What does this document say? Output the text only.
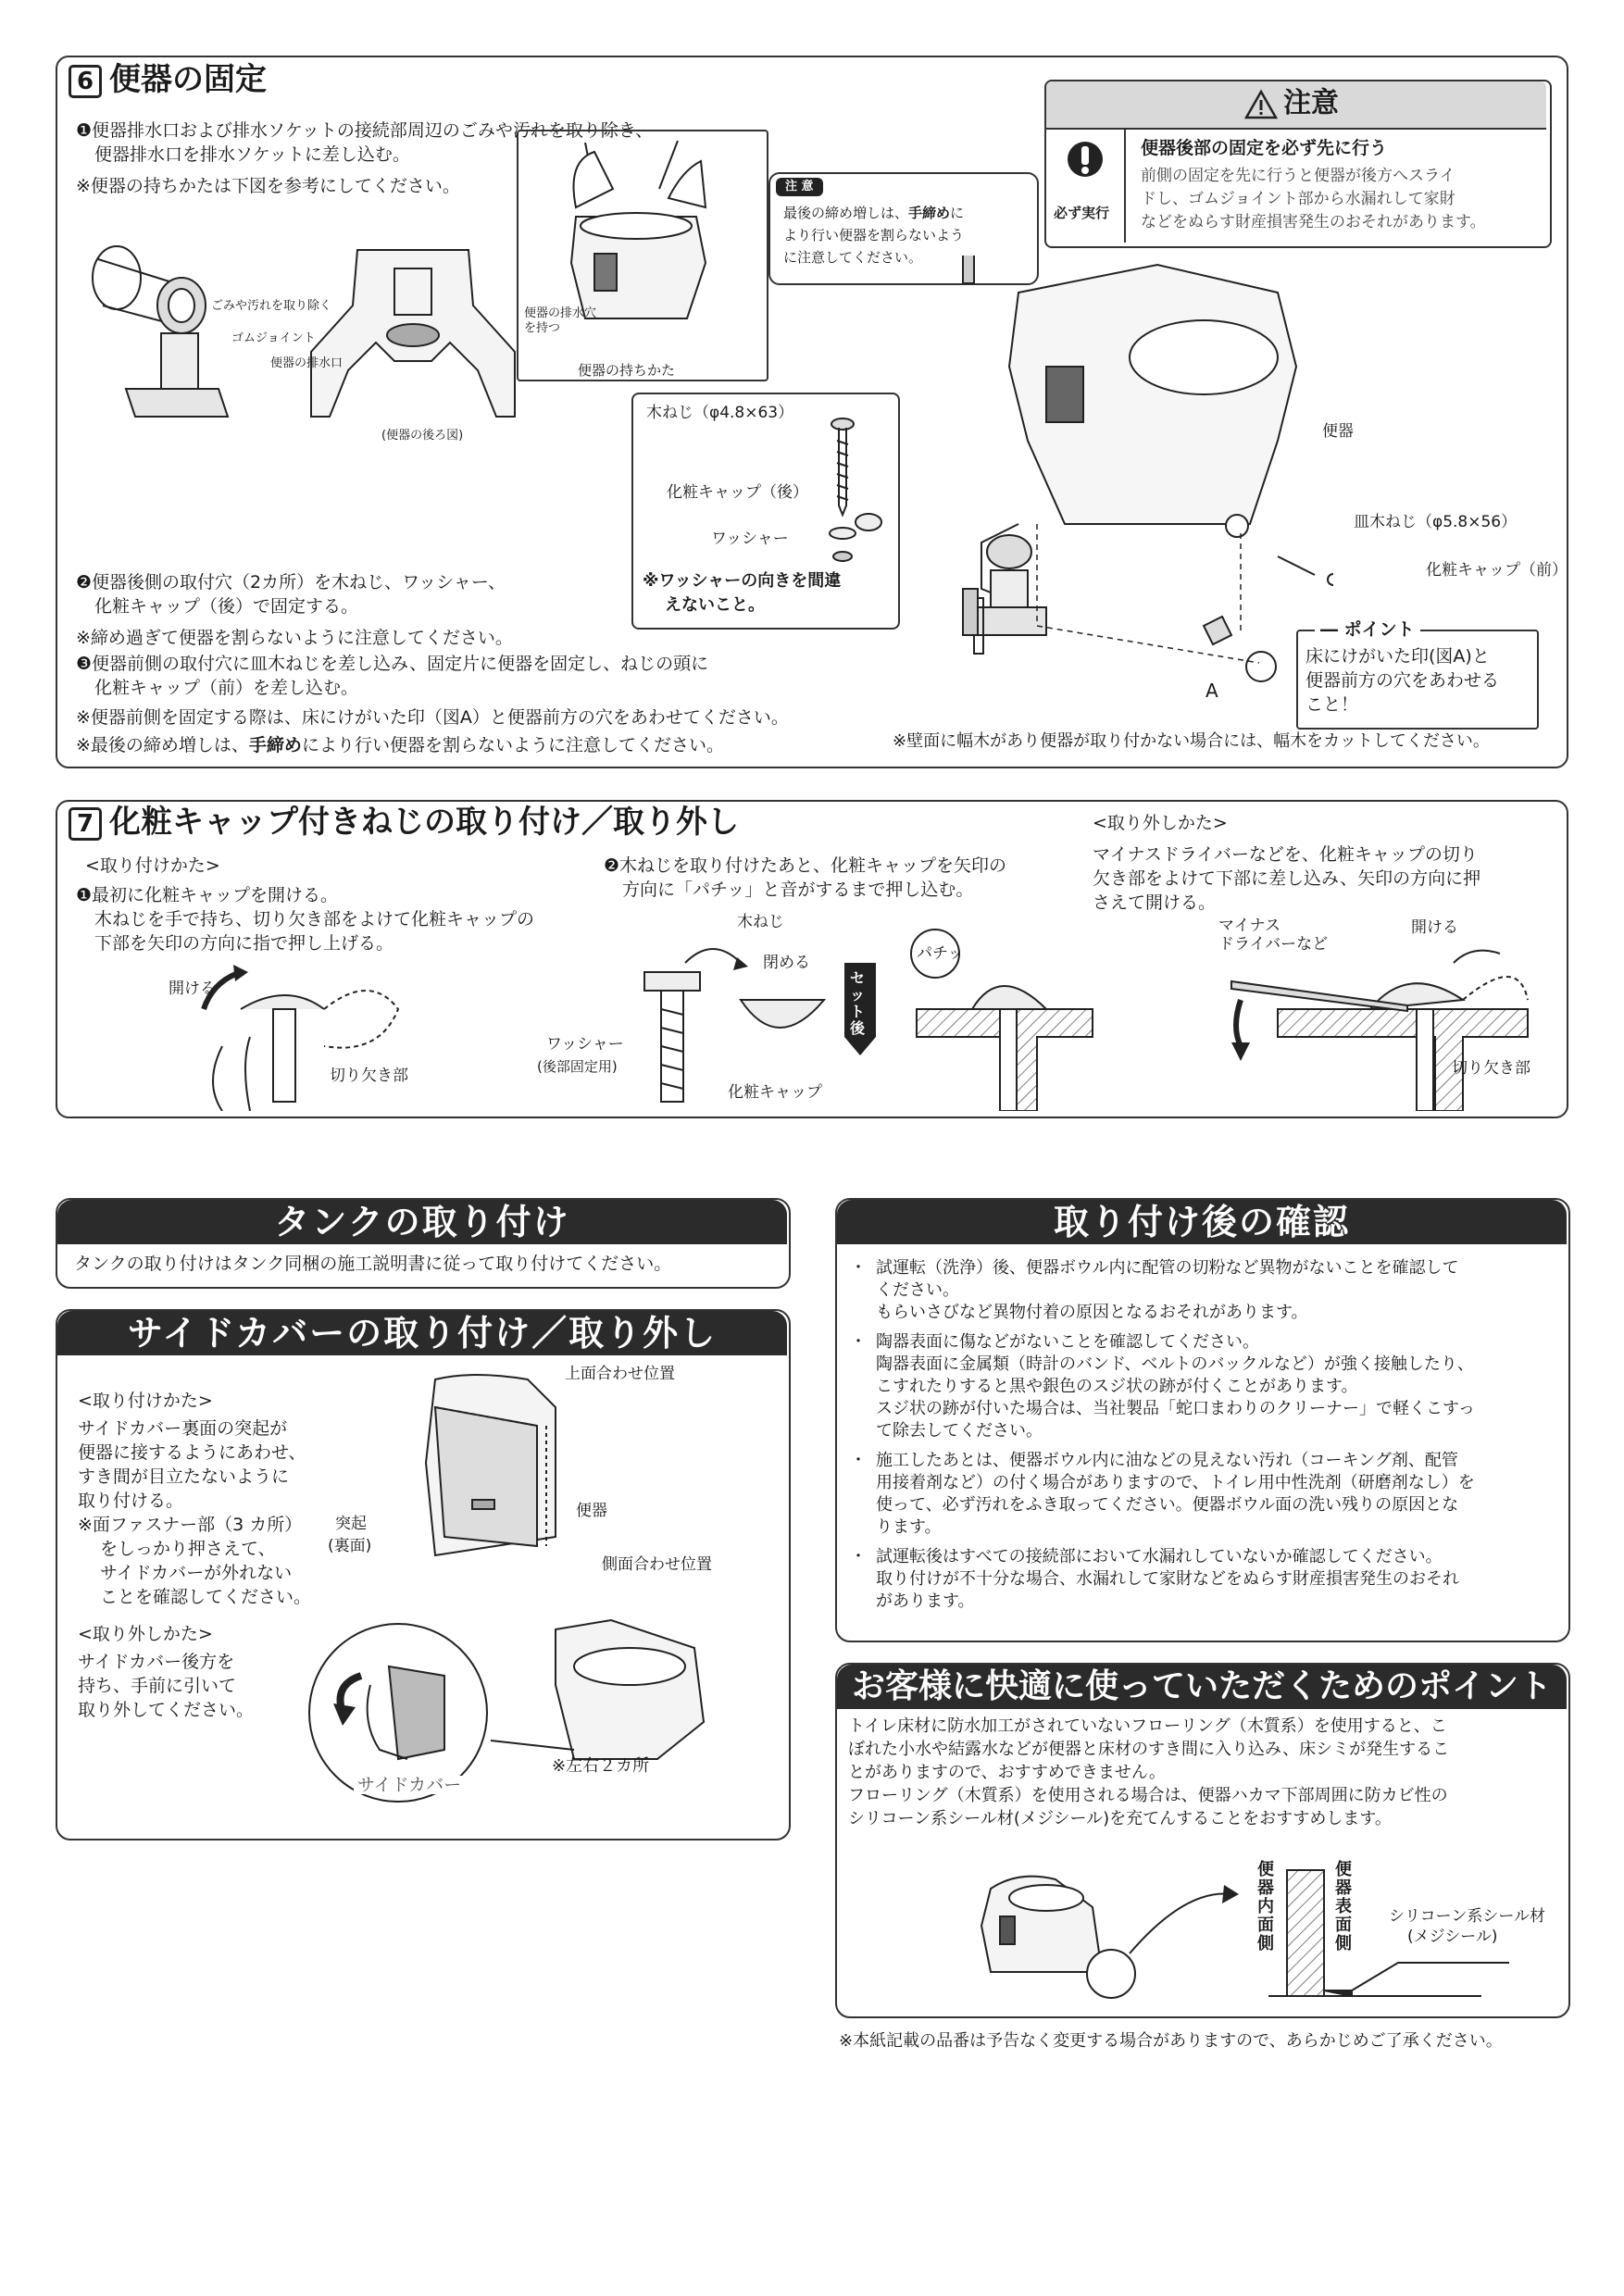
6 便器の固定
❶便器排水口および排水ソケットの接続部周辺のごみや汚れを取り除き、
便器排水口を排水ソケットに差し込む。
※便器の持ちかたは下図を参考にしてください。
ごみや汚れを取り除く
ゴムジョイント
便器の排水口
(便器の後ろ図)
便器の排水穴
を持つ
便器の持ちかた
注 意
最後の締め増しは、手締めに
より行い便器を割らないよう
に注意してください。
注意
必ず実行
便器後部の固定を必ず先に行う
前側の固定を先に行うと便器が後方へスライ
ドし、ゴムジョイント部から水漏れして家財
などをぬらす財産損害発生のおそれがあります。
木ねじ（φ4.8×63）
化粧キャップ（後）
ワッシャー
※ワッシャーの向きを間違
えないこと。
便器
皿木ねじ（φ5.8×56）
化粧キャップ（前）
A
― ポイント
床にけがいた印(図A)と
便器前方の穴をあわせる
こと！
❷便器後側の取付穴（2カ所）を木ねじ、ワッシャー、
化粧キャップ（後）で固定する。
※締め過ぎて便器を割らないように注意してください。
❸便器前側の取付穴に皿木ねじを差し込み、固定片に便器を固定し、ねじの頭に
化粧キャップ（前）を差し込む。
※便器前側を固定する際は、床にけがいた印（図A）と便器前方の穴をあわせてください。
※最後の締め増しは、手締めにより行い便器を割らないように注意してください。	※壁面に幅木があり便器が取り付かない場合には、幅木をカットしてください。
7 化粧キャップ付きねじの取り付け／取り外し
<取り付けかた>
❶最初に化粧キャップを開ける。
木ねじを手で持ち、切り欠き部をよけて化粧キャップの
下部を矢印の方向に指で押し上げる。
開ける
切り欠き部
❷木ねじを取り付けたあと、化粧キャップを矢印の
方向に「パチッ」と音がするまで押し込む。
木ねじ
閉める
ワッシャー
(後部固定用)
化粧キャップ
セット後
パチッ
<取り外しかた>
マイナスドライバーなどを、化粧キャップの切り
欠き部をよけて下部に差し込み、矢印の方向に押
さえて開ける。
マイナス
ドライバーなど
開ける
切り欠き部
タンクの取り付け
タンクの取り付けはタンク同梱の施工説明書に従って取り付けてください。
サイドカバーの取り付け／取り外し
<取り付けかた>
サイドカバー裏面の突起が
便器に接するようにあわせ、
すき間が目立たないように
取り付ける。
※面ファスナー部（3 カ所）
をしっかり押さえて、
サイドカバーが外れない
ことを確認してください。
上面合わせ位置
突起
(裏面)
便器
側面合わせ位置
<取り外しかた>
サイドカバー後方を
持ち、手前に引いて
取り外してください。
サイドカバー
※左右２カ所
取り付け後の確認
・ 試運転（洗浄）後、便器ボウル内に配管の切粉など異物がないことを確認して
ください。
もらいさびなど異物付着の原因となるおそれがあります。
・ 陶器表面に傷などがないことを確認してください。
陶器表面に金属類（時計のバンド、ベルトのバックルなど）が強く接触したり、
こすれたりすると黒や銀色のスジ状の跡が付くことがあります。
スジ状の跡が付いた場合は、当社製品「蛇口まわりのクリーナー」で軽くこすっ
て除去してください。
・ 施工したあとは、便器ボウル内に油などの見えない汚れ（コーキング剤、配管
用接着剤など）の付く場合がありますので、トイレ用中性洗剤（研磨剤なし）を
使って、必ず汚れをふき取ってください。便器ボウル面の洗い残りの原因とな
ります。
・ 試運転後はすべての接続部において水漏れしていないか確認してください。
取り付けが不十分な場合、水漏れして家財などをぬらす財産損害発生のおそれ
があります。
お客様に快適に使っていただくためのポイント
トイレ床材に防水加工がされていないフローリング（木質系）を使用すると、こ
ぼれた小水や結露水などが便器と床材のすき間に入り込み、床シミが発生するこ
とがありますので、おすすめできません。
フローリング（木質系）を使用される場合は、便器ハカマ下部周囲に防カビ性の
シリコーン系シール材(メジシール)を充てんすることをおすすめします。
便器内面側
便器表面側
シリコーン系シール材
(メジシール)
※本紙記載の品番は予告なく変更する場合がありますので、あらかじめご了承ください。
